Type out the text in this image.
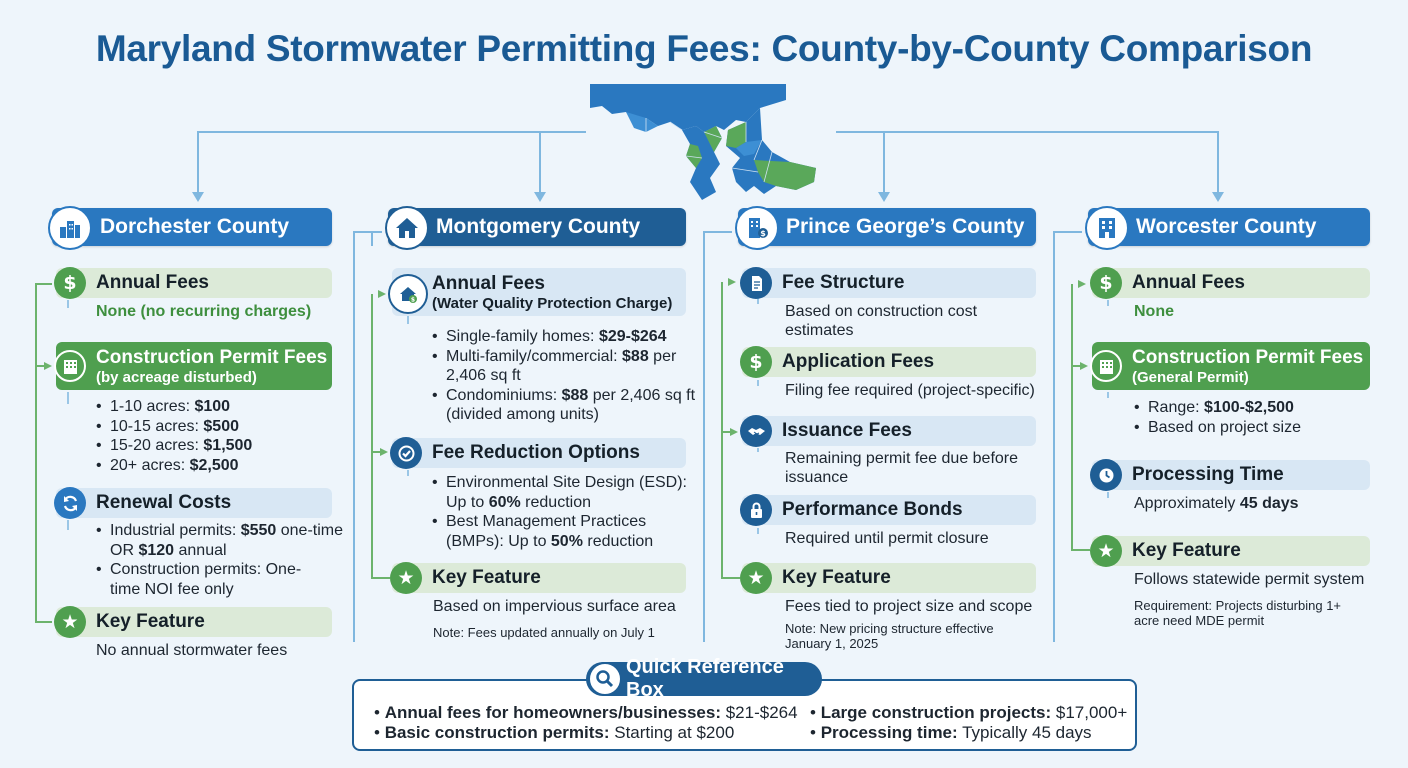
Maryland Stormwater Permitting Fees: County-by-County Comparison
Dorchester County
Annual Fees
$
None (no recurring charges)
Construction Permit Fees
(by acreage disturbed)
• 1-10 acres: $100
• 10-15 acres: $500
• 15-20 acres: $1,500
• 20+ acres: $2,500
Renewal Costs
• Industrial permits: $550 one-time
OR $120 annual
• Construction permits: One-time NOI fee only
Key Feature
★
No annual stormwater fees
Montgomery County
Annual Fees
(Water Quality Protection Charge)
$
• Single-family homes: $29-$264
• Multi-family/commercial: $88 per 2,406 sq ft
• Condominiums: $88 per 2,406 sq ft (divided among units)
Fee Reduction Options
• Environmental Site Design (ESD): Up to 60% reduction
• Best Management Practices (BMPs): Up to 50% reduction
Key Feature
★
Based on impervious surface area
Note: Fees updated annually on July 1
Prince George’s County
$
Fee Structure
Based on construction cost estimates
Application Fees
$
Filing fee required (project-specific)
Issuance Fees
Remaining permit fee due before issuance
Performance Bonds
Required until permit closure
Key Feature
★
Fees tied to project size and scope
Note: New pricing structure effective January 1, 2025
Worcester County
Annual Fees
$
None
Construction Permit Fees
(General Permit)
• Range: $100-$2,500
• Based on project size
Processing Time
Approximately 45 days
Key Feature
★
Follows statewide permit system
Requirement: Projects disturbing 1+ acre need MDE permit
Quick Reference Box
• Annual fees for homeowners/businesses: $21-$264 • Large construction projects: $17,000+
• Basic construction permits: Starting at $200	• Processing time: Typically 45 days
